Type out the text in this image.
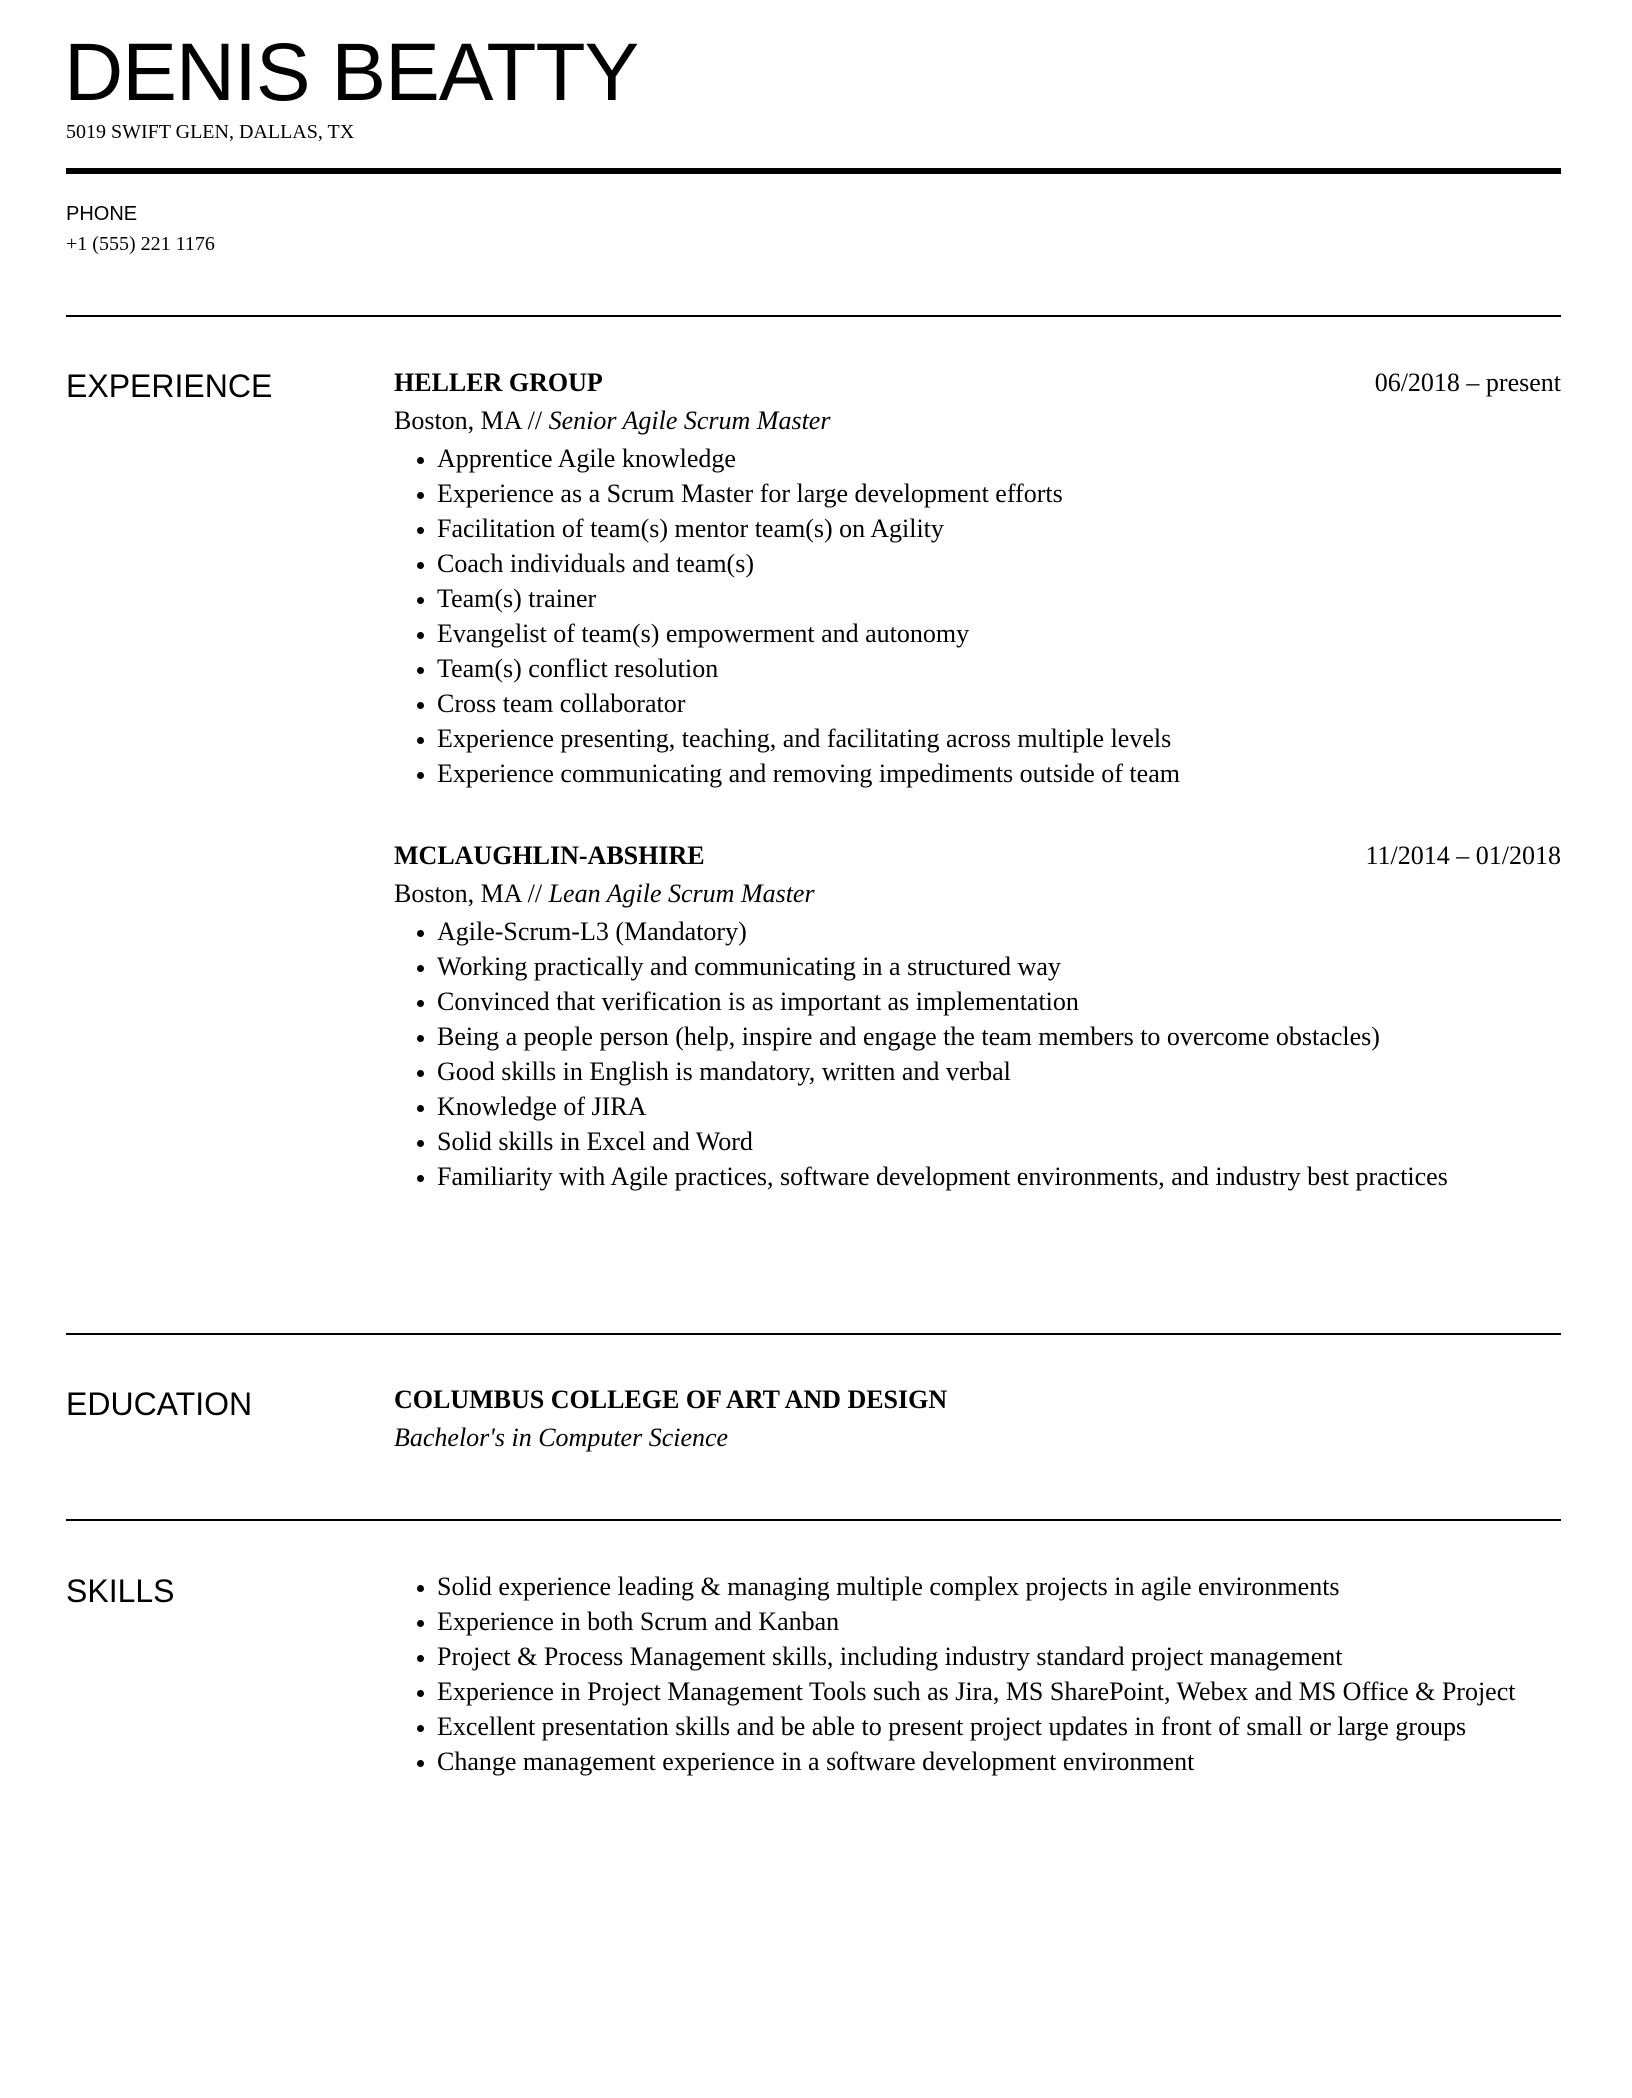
DENIS BEATTY
5019 SWIFT GLEN, DALLAS, TX
PHONE
+1 (555) 221 1176
EXPERIENCE	HELLER GROUP	06/2018 – present
Boston, MA // Senior Agile Scrum Master
• Apprentice Agile knowledge
• Experience as a Scrum Master for large development efforts
• Facilitation of team(s) mentor team(s) on Agility
• Coach individuals and team(s)
• Team(s) trainer
• Evangelist of team(s) empowerment and autonomy
• Team(s) conflict resolution
• Cross team collaborator
• Experience presenting, teaching, and facilitating across multiple levels
• Experience communicating and removing impediments outside of team
MCLAUGHLIN-ABSHIRE	11/2014 – 01/2018
Boston, MA // Lean Agile Scrum Master
• Agile-Scrum-L3 (Mandatory)
• Working practically and communicating in a structured way
• Convinced that verification is as important as implementation
• Being a people person (help, inspire and engage the team members to overcome obstacles)
• Good skills in English is mandatory, written and verbal
• Knowledge of JIRA
• Solid skills in Excel and Word
• Familiarity with Agile practices, software development environments, and industry best practices
EDUCATION	COLUMBUS COLLEGE OF ART AND DESIGN
Bachelor's in Computer Science
SKILLS	• Solid experience leading & managing multiple complex projects in agile environments
• Experience in both Scrum and Kanban
• Project & Process Management skills, including industry standard project management
• Experience in Project Management Tools such as Jira, MS SharePoint, Webex and MS Office & Project
• Excellent presentation skills and be able to present project updates in front of small or large groups
• Change management experience in a software development environment
